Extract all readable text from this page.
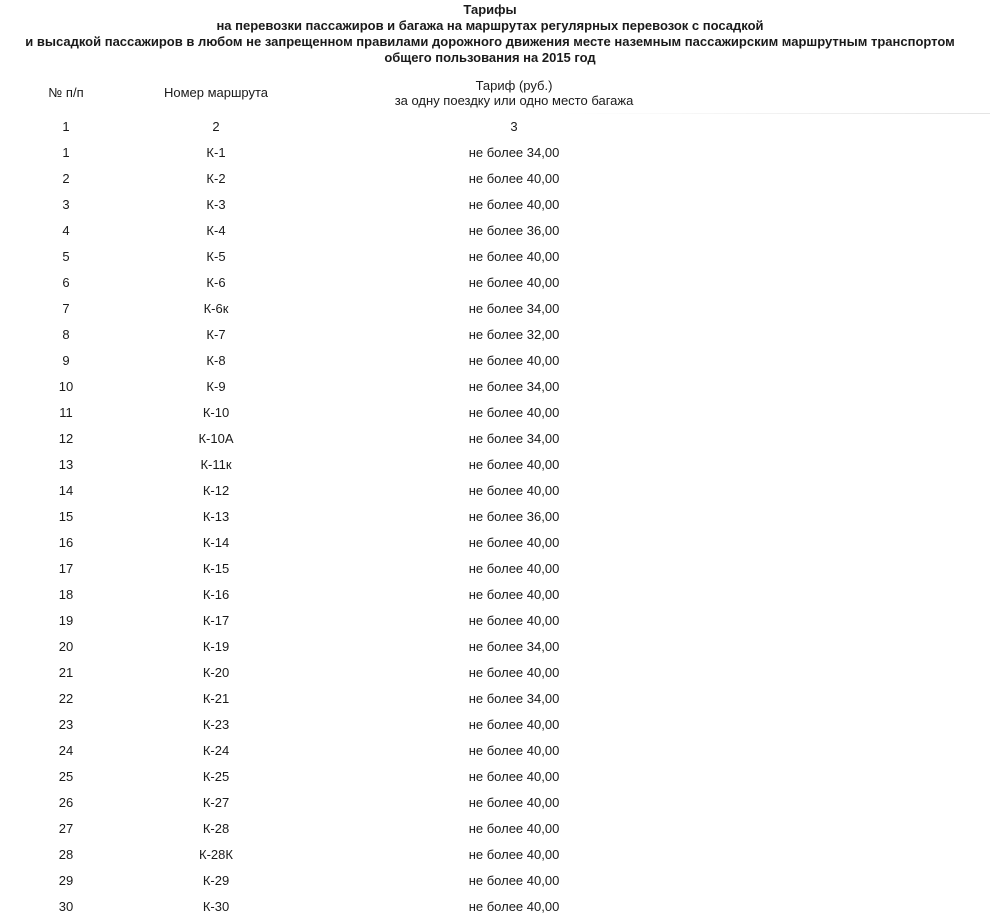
Тарифы
на перевозки пассажиров и багажа на маршрутах регулярных перевозок с посадкой
и высадкой пассажиров в любом не запрещенном правилами дорожного движения месте наземным пассажирским маршрутным транспортом
общего пользования на 2015 год
№ п/п	Номер маршрута	Тариф (руб.)
за одну поездку или одно место багажа
1	2	3
1	К-1	не более 34,00
2	К-2	не более 40,00
3	К-3	не более 40,00
4	К-4	не более 36,00
5	К-5	не более 40,00
6	К-6	не более 40,00
7	К-6к	не более 34,00
8	К-7	не более 32,00
9	К-8	не более 40,00
10	К-9	не более 34,00
11	К-10	не более 40,00
12	К-10А	не более 34,00
13	К-11к	не более 40,00
14	К-12	не более 40,00
15	К-13	не более 36,00
16	К-14	не более 40,00
17	К-15	не более 40,00
18	К-16	не более 40,00
19	К-17	не более 40,00
20	К-19	не более 34,00
21	К-20	не более 40,00
22	К-21	не более 34,00
23	К-23	не более 40,00
24	К-24	не более 40,00
25	К-25	не более 40,00
26	К-27	не более 40,00
27	К-28	не более 40,00
28	К-28К	не более 40,00
29	К-29	не более 40,00
30	К-30	не более 40,00
